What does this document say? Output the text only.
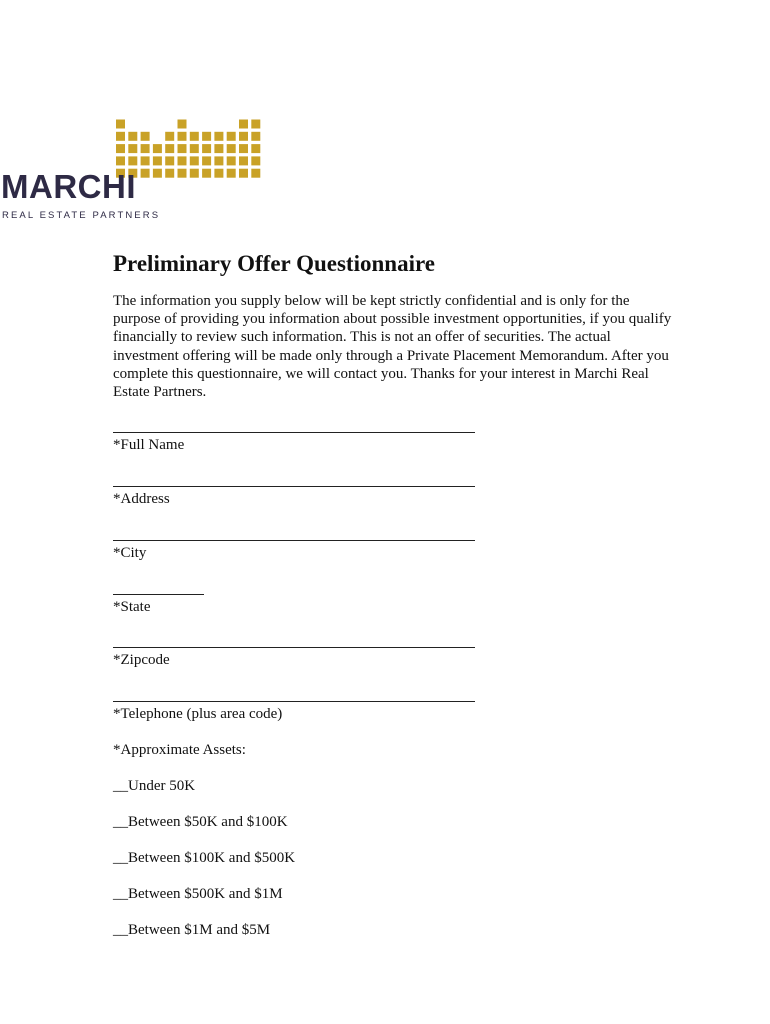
MARCHI
REAL ESTATE PARTNERS
Preliminary Offer Questionnaire

The information you supply below will be kept strictly confidential and is only for the purpose of providing you information about possible investment opportunities, if you qualify financially to review such information. This is not an offer of securities. The actual investment offering will be made only through a Private Placement Memorandum. After you complete this questionnaire, we will contact you. Thanks for your interest in Marchi Real Estate Partners.

*Full Name
*Address
*City
*State
*Zipcode
*Telephone (plus area code)

*Approximate Assets:

__Under 50K

__Between $50K and $100K

__Between $100K and $500K

__Between $500K and $1M

__Between $1M and $5M
